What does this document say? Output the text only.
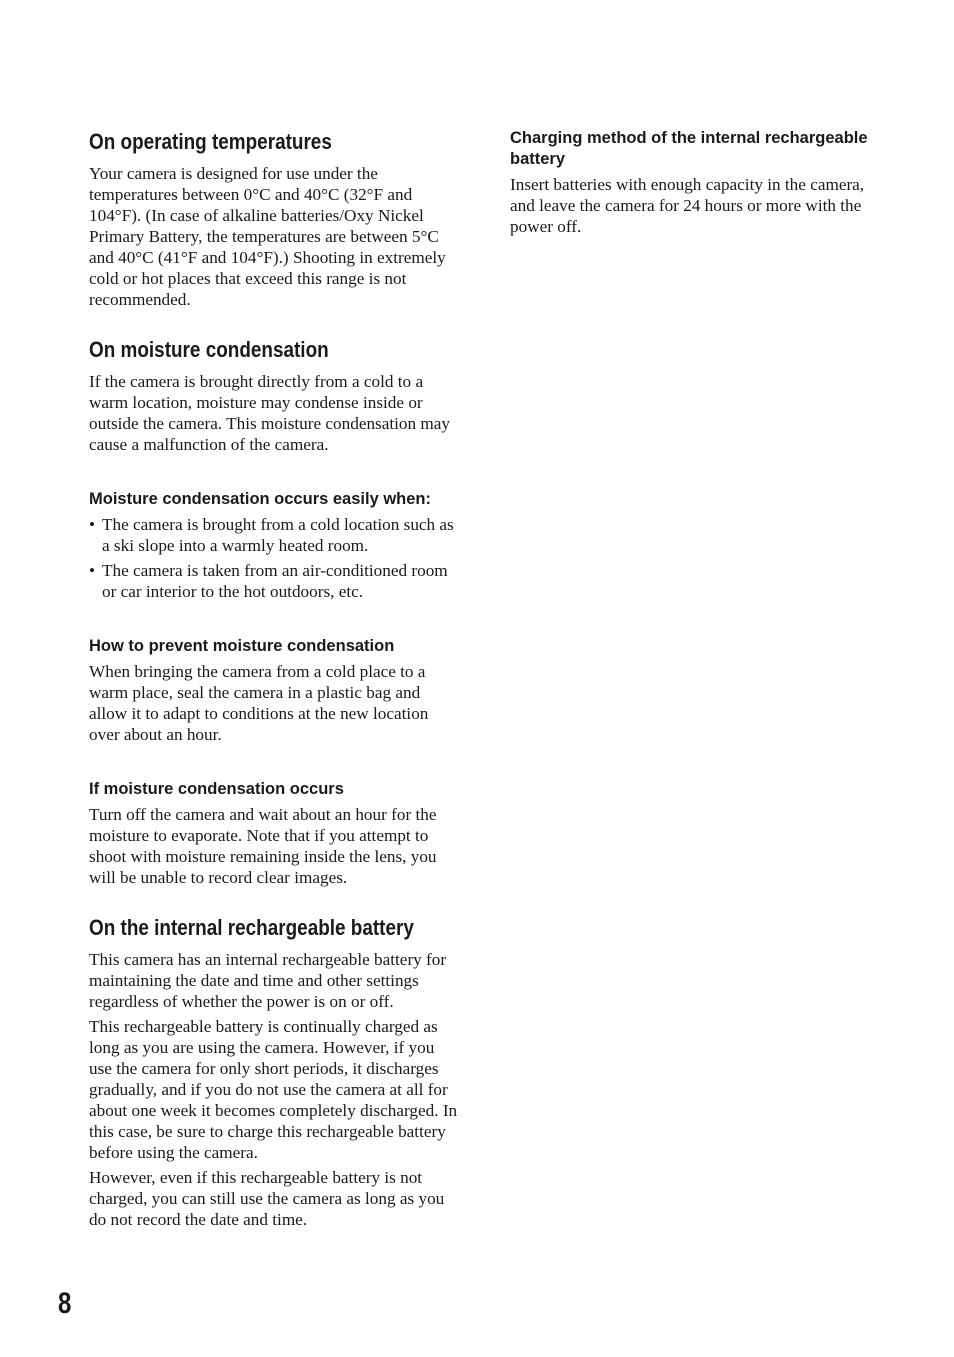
On operating temperatures
Your camera is designed for use under the temperatures between 0°C and 40°C (32°F and 104°F). (In case of alkaline batteries/Oxy Nickel Primary Battery, the temperatures are between 5°C and 40°C (41°F and 104°F).) Shooting in extremely cold or hot places that exceed this range is not recommended.
On moisture condensation
If the camera is brought directly from a cold to a warm location, moisture may condense inside or outside the camera. This moisture condensation may cause a malfunction of the camera.
Moisture condensation occurs easily when:
• The camera is brought from a cold location such as a ski slope into a warmly heated room.
• The camera is taken from an air-conditioned room or car interior to the hot outdoors, etc.
How to prevent moisture condensation
When bringing the camera from a cold place to a warm place, seal the camera in a plastic bag and allow it to adapt to conditions at the new location over about an hour.
If moisture condensation occurs
Turn off the camera and wait about an hour for the moisture to evaporate. Note that if you attempt to shoot with moisture remaining inside the lens, you will be unable to record clear images.
On the internal rechargeable battery
This camera has an internal rechargeable battery for maintaining the date and time and other settings regardless of whether the power is on or off.
This rechargeable battery is continually charged as long as you are using the camera. However, if you use the camera for only short periods, it discharges gradually, and if you do not use the camera at all for about one week it becomes completely discharged. In this case, be sure to charge this rechargeable battery before using the camera.
However, even if this rechargeable battery is not charged, you can still use the camera as long as you do not record the date and time.
Charging method of the internal rechargeable battery
Insert batteries with enough capacity in the camera, and leave the camera for 24 hours or more with the power off.
8
